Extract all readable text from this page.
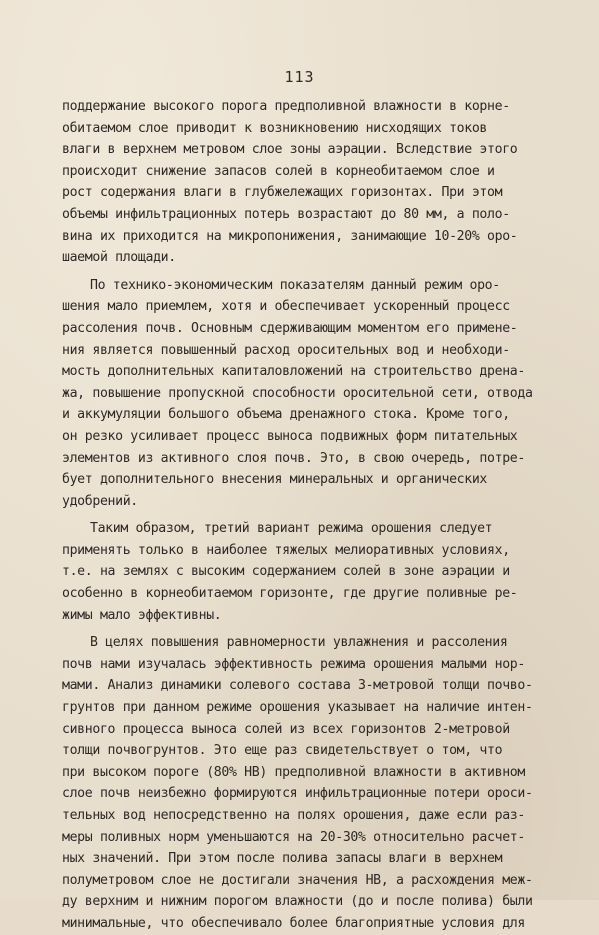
113
поддержание высокого порога предполивной влажности в корне-
обитаемом слое приводит к возникновению нисходящих токов
влаги в верхнем метровом слое зоны аэрации. Вследствие этого
происходит снижение запасов солей в корнеобитаемом слое и
рост содержания влаги в глубжележащих горизонтах. При этом
объемы инфильтрационных потерь возрастают до 80 мм, а поло-
вина их приходится на микропонижения, занимающие 10-20% оро-
шаемой площади.
По технико-экономическим показателям данный режим оро-
шения мало приемлем, хотя и обеспечивает ускоренный процесс
рассоления почв. Основным сдерживающим моментом его примене-
ния является повышенный расход оросительных вод и необходи-
мость дополнительных капиталовложений на строительство дрена-
жа, повышение пропускной способности оросительной сети, отвода
и аккумуляции большого объема дренажного стока. Кроме того,
он резко усиливает процесс выноса подвижных форм питательных
элементов из активного слоя почв. Это, в свою очередь, потре-
бует дополнительного внесения минеральных и органических
удобрений.
Таким образом, третий вариант режима орошения следует
применять только в наиболее тяжелых мелиоративных условиях,
т.е. на землях с высоким содержанием солей в зоне аэрации и
особенно в корнеобитаемом горизонте, где другие поливные ре-
жимы мало эффективны.
В целях повышения равномерности увлажнения и рассоления
почв нами изучалась эффективность режима орошения малыми нор-
мами. Анализ динамики солевого состава 3-метровой толщи почво-
грунтов при данном режиме орошения указывает на наличие интен-
сивного процесса выноса солей из всех горизонтов 2-метровой
толщи почвогрунтов. Это еще раз свидетельствует о том, что
при высоком пороге (80% НВ) предполивной влажности в активном
слое почв неизбежно формируются инфильтрационные потери ороси-
тельных вод непосредственно на полях орошения, даже если раз-
меры поливных норм уменьшаются на 20-30% относительно расчет-
ных значений. При этом после полива запасы влаги в верхнем
полуметровом слое не достигали значения НВ, а расхождения меж-
ду верхним и нижним порогом влажности (до и после полива) были
минимальные, что обеспечивало более благоприятные условия для
